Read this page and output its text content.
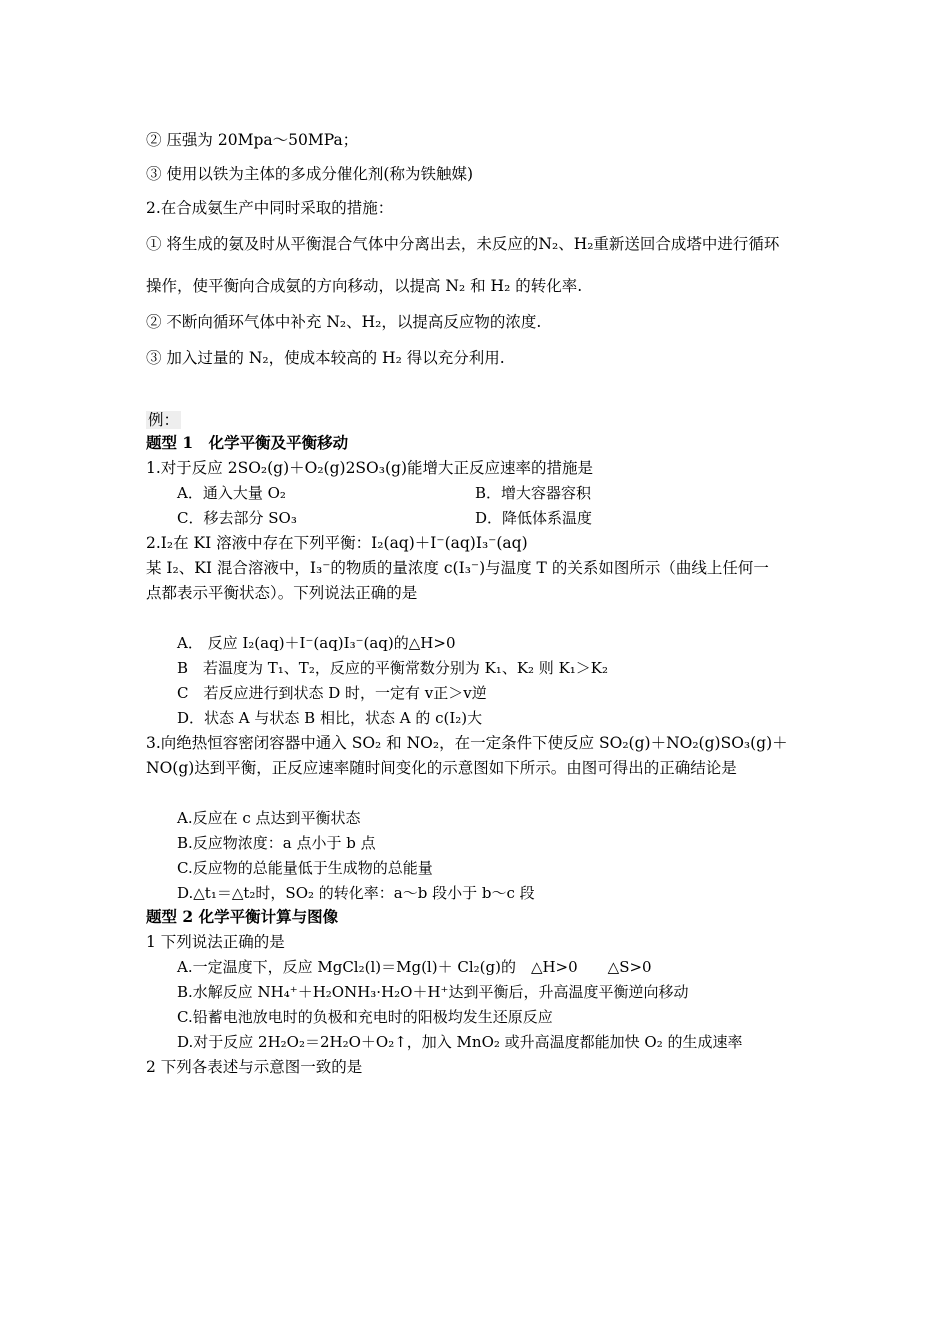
② 压强为 20Mpa～50MPa；
③ 使用以铁为主体的多成分催化剂(称为铁触媒)
2.在合成氨生产中同时采取的措施：
① 将生成的氨及时从平衡混合气体中分离出去，未反应的N₂、H₂重新送回合成塔中进行循环
操作，使平衡向合成氨的方向移动，以提高 N₂ 和 H₂ 的转化率.
② 不断向循环气体中补充 N₂、H₂，以提高反应物的浓度.
③ 加入过量的 N₂，使成本较高的 H₂ 得以充分利用.
例：
题型 1　化学平衡及平衡移动
1.对于反应 2SO₂(g)＋O₂(g)2SO₃(g)能增大正反应速率的措施是
A．通入大量 O₂	B．增大容器容积
C．移去部分 SO₃	D．降低体系温度
2.I₂在 KI 溶液中存在下列平衡：I₂(aq)＋I⁻(aq)I₃⁻(aq)
某 I₂、KI 混合溶液中，I₃⁻的物质的量浓度 c(I₃⁻)与温度 T 的关系如图所示（曲线上任何一
点都表示平衡状态）。下列说法正确的是
A． 反应 I₂(aq)＋I⁻(aq)I₃⁻(aq)的△H>0
B　若温度为 T₁、T₂，反应的平衡常数分别为 K₁、K₂ 则 K₁＞K₂
C　若反应进行到状态 D 时，一定有 v正＞v逆
D．状态 A 与状态 B 相比，状态 A 的 c(I₂)大
3.向绝热恒容密闭容器中通入 SO₂ 和 NO₂，在一定条件下使反应 SO₂(g)＋NO₂(g)SO₃(g)＋
NO(g)达到平衡，正反应速率随时间变化的示意图如下所示。由图可得出的正确结论是
A.反应在 c 点达到平衡状态
B.反应物浓度：a 点小于 b 点
C.反应物的总能量低于生成物的总能量
D.△t₁＝△t₂时，SO₂ 的转化率：a～b 段小于 b～c 段
题型 2 化学平衡计算与图像
1 下列说法正确的是
A.一定温度下，反应 MgCl₂(l)＝Mg(l)＋ Cl₂(g)的　△H>0　　△S>0
B.水解反应 NH₄⁺＋H₂ONH₃·H₂O＋H⁺达到平衡后，升高温度平衡逆向移动
C.铅蓄电池放电时的负极和充电时的阳极均发生还原反应
D.对于反应 2H₂O₂＝2H₂O＋O₂↑，加入 MnO₂ 或升高温度都能加快 O₂ 的生成速率
2 下列各表述与示意图一致的是
